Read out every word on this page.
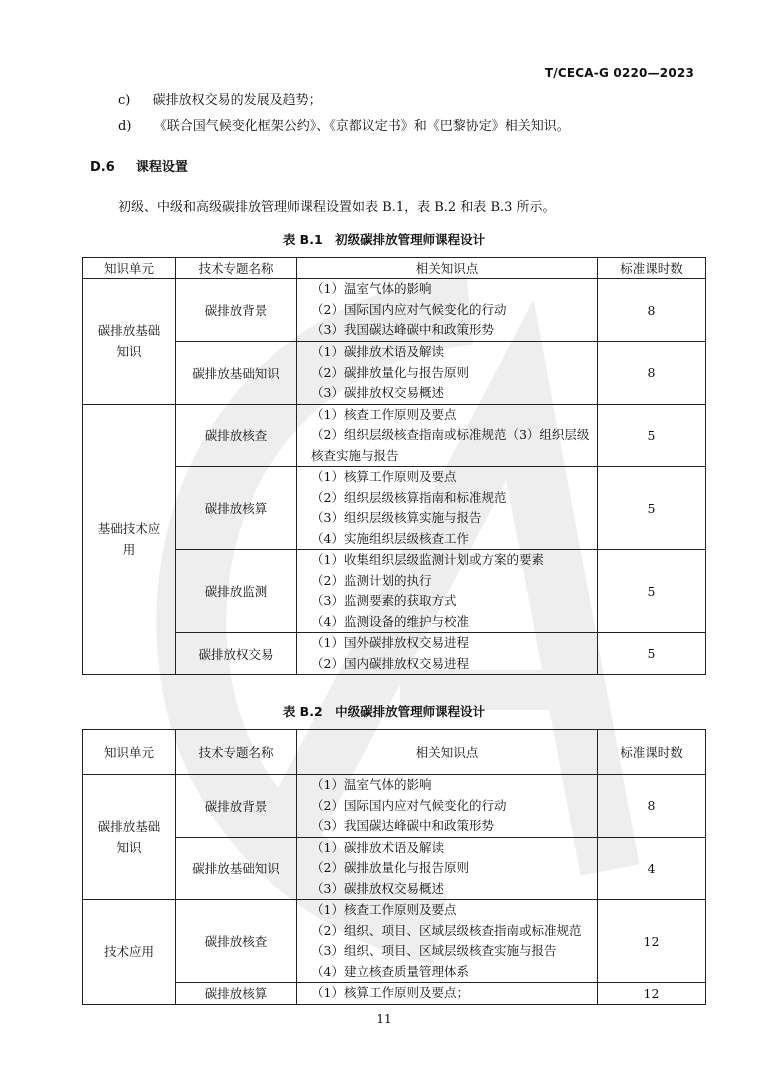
T/CECA-G 0220—2023
c) 碳排放权交易的发展及趋势；
d) 《联合国气候变化框架公约》、《京都议定书》和《巴黎协定》相关知识。
D.6 课程设置
初级、中级和高级碳排放管理师课程设置如表 B.1，表 B.2 和表 B.3 所示。
表 B.1　初级碳排放管理师课程设计
知识单元	技术专题名称	相关知识点	标准课时数
碳排放基础知识	碳排放背景	（1）温室气体的影响
（2）国际国内应对气候变化的行动
（3）我国碳达峰碳中和政策形势	8
	碳排放基础知识	（1）碳排放术语及解读
（2）碳排放量化与报告原则
（3）碳排放权交易概述	8
基础技术应用	碳排放核查	（1）核查工作原则及要点
（2）组织层级核查指南或标准规范（3）组织层级核查实施与报告	5
	碳排放核算	（1）核算工作原则及要点
（2）组织层级核算指南和标准规范
（3）组织层级核算实施与报告
（4）实施组织层级核查工作	5
	碳排放监测	（1）收集组织层级监测计划或方案的要素
（2）监测计划的执行
（3）监测要素的获取方式
（4）监测设备的维护与校准	5
	碳排放权交易	（1）国外碳排放权交易进程
（2）国内碳排放权交易进程	5
表 B.2　中级碳排放管理师课程设计
知识单元	技术专题名称	相关知识点	标准课时数
碳排放基础知识	碳排放背景	（1）温室气体的影响
（2）国际国内应对气候变化的行动
（3）我国碳达峰碳中和政策形势	8
	碳排放基础知识	（1）碳排放术语及解读
（2）碳排放量化与报告原则
（3）碳排放权交易概述	4
技术应用	碳排放核查	（1）核查工作原则及要点
（2）组织、项目、区域层级核查指南或标准规范
（3）组织、项目、区域层级核查实施与报告
（4）建立核查质量管理体系	12
	碳排放核算	（1）核算工作原则及要点；	12
11
